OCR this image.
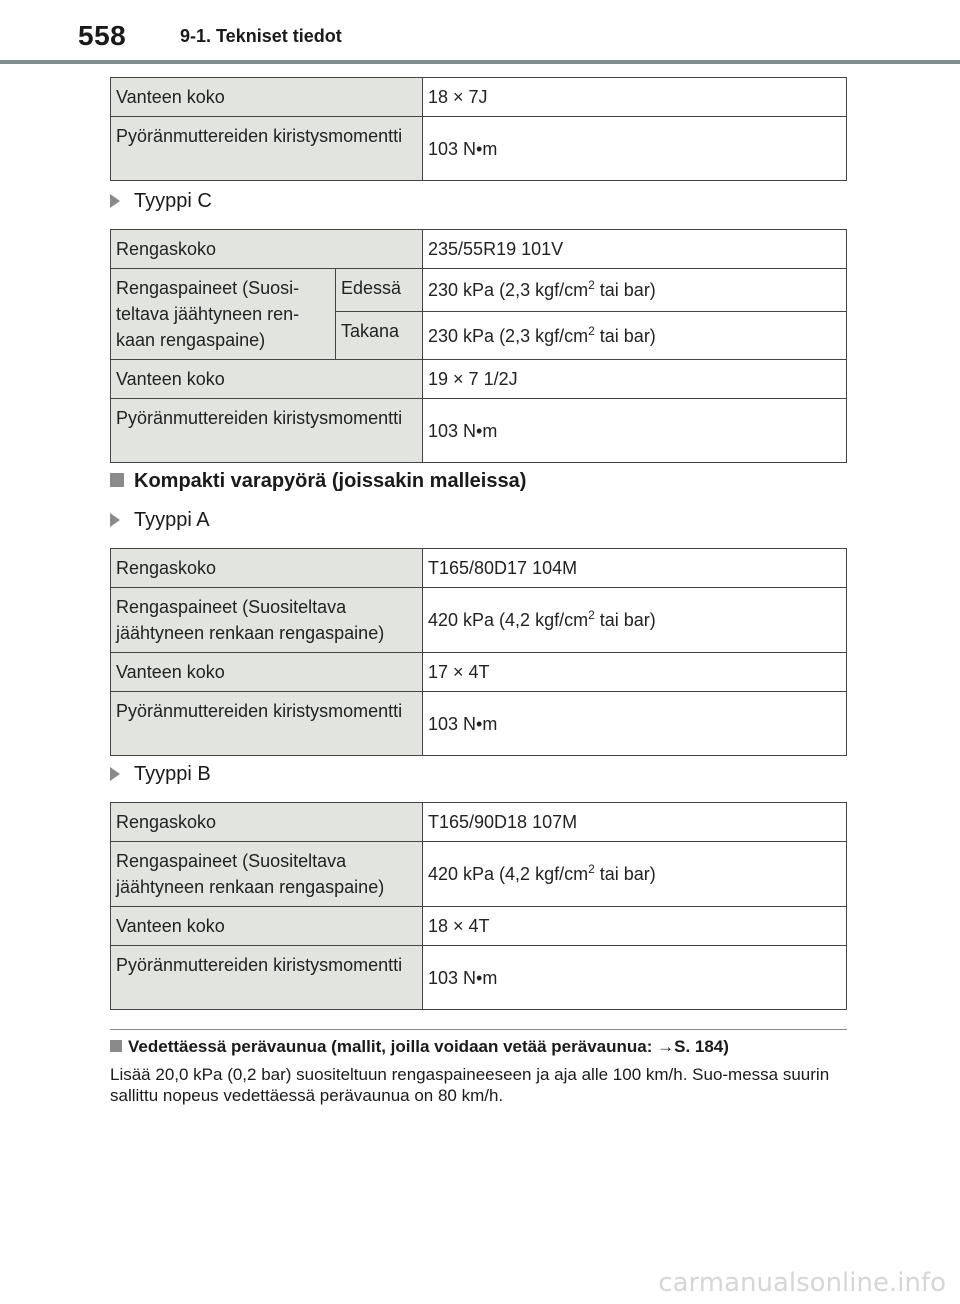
558	9-1. Tekniset tiedot
Vanteen koko	18 × 7J
Pyöränmuttereiden kiristysmomentti	103 N•m
Tyyppi C
Rengaskoko		235/55R19 101V
Rengaspaineet (Suosi-teltava jäähtyneen ren-kaan rengaspaine)	Edessä	230 kPa (2,3 kgf/$cm^2$ tai bar)
	Takana	230 kPa (2,3 kgf/$cm^2$ tai bar)
Vanteen koko		19 × 7 1/2J
Pyöränmuttereiden kiristysmomentti		103 N•m
Kompakti varapyörä (joissakin malleissa)
Tyyppi A
Rengaskoko	T165/80D17 104M
Rengaspaineet (Suositeltava jäähtyneen renkaan rengaspaine)	420 kPa (4,2 kgf/$cm^2$ tai bar)
Vanteen koko	17 × 4T
Pyöränmuttereiden kiristysmomentti	103 N•m
Tyyppi B
Rengaskoko	T165/90D18 107M
Rengaspaineet (Suositeltava jäähtyneen renkaan rengaspaine)	420 kPa (4,2 kgf/$cm^2$ tai bar)
Vanteen koko	18 × 4T
Pyöränmuttereiden kiristysmomentti	103 N•m
Vedettäessä perävaunua (mallit, joilla voidaan vetää perävaunua: →S. 184)
Lisää 20,0 kPa (0,2 bar) suositeltuun rengaspaineeseen ja aja alle 100 km/h. Suo-messa suurin sallittu nopeus vedettäessä perävaunua on 80 km/h.
carmanualsonline.info
